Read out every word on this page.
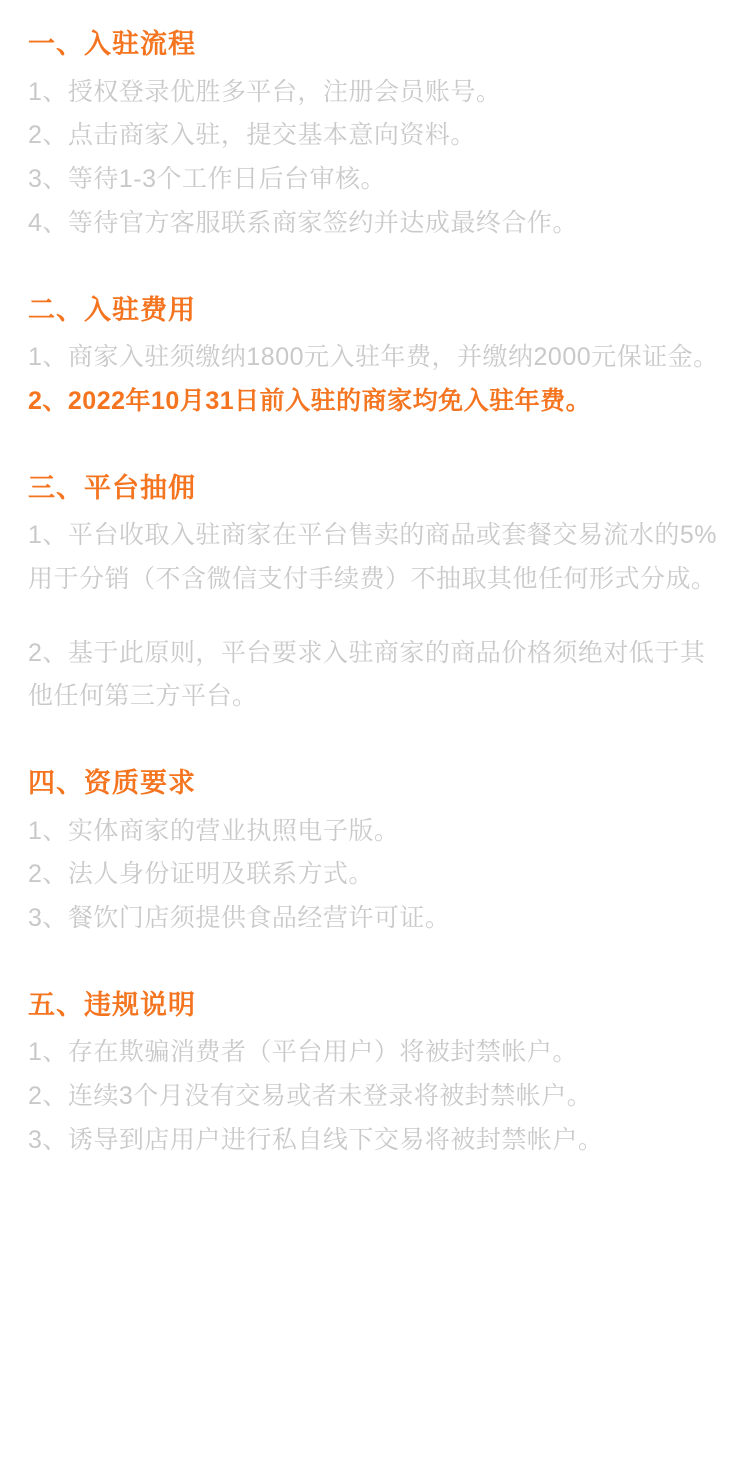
一、入驻流程

1、授权登录优胜多平台，注册会员账号。

2、点击商家入驻，提交基本意向资料。

3、等待1-3个工作日后台审核。

4、等待官方客服联系商家签约并达成最终合作。

二、入驻费用

1、商家入驻须缴纳1800元入驻年费，并缴纳2000元保证金。

2、2022年10月31日前入驻的商家均免入驻年费。

三、平台抽佣

1、平台收取入驻商家在平台售卖的商品或套餐交易流水的5%用于分销（不含微信支付手续费）不抽取其他任何形式分成。

2、基于此原则，平台要求入驻商家的商品价格须绝对低于其他任何第三方平台。

四、资质要求

1、实体商家的营业执照电子版。

2、法人身份证明及联系方式。

3、餐饮门店须提供食品经营许可证。

五、违规说明

1、存在欺骗消费者（平台用户）将被封禁帐户。

2、连续3个月没有交易或者未登录将被封禁帐户。

3、诱导到店用户进行私自线下交易将被封禁帐户。
